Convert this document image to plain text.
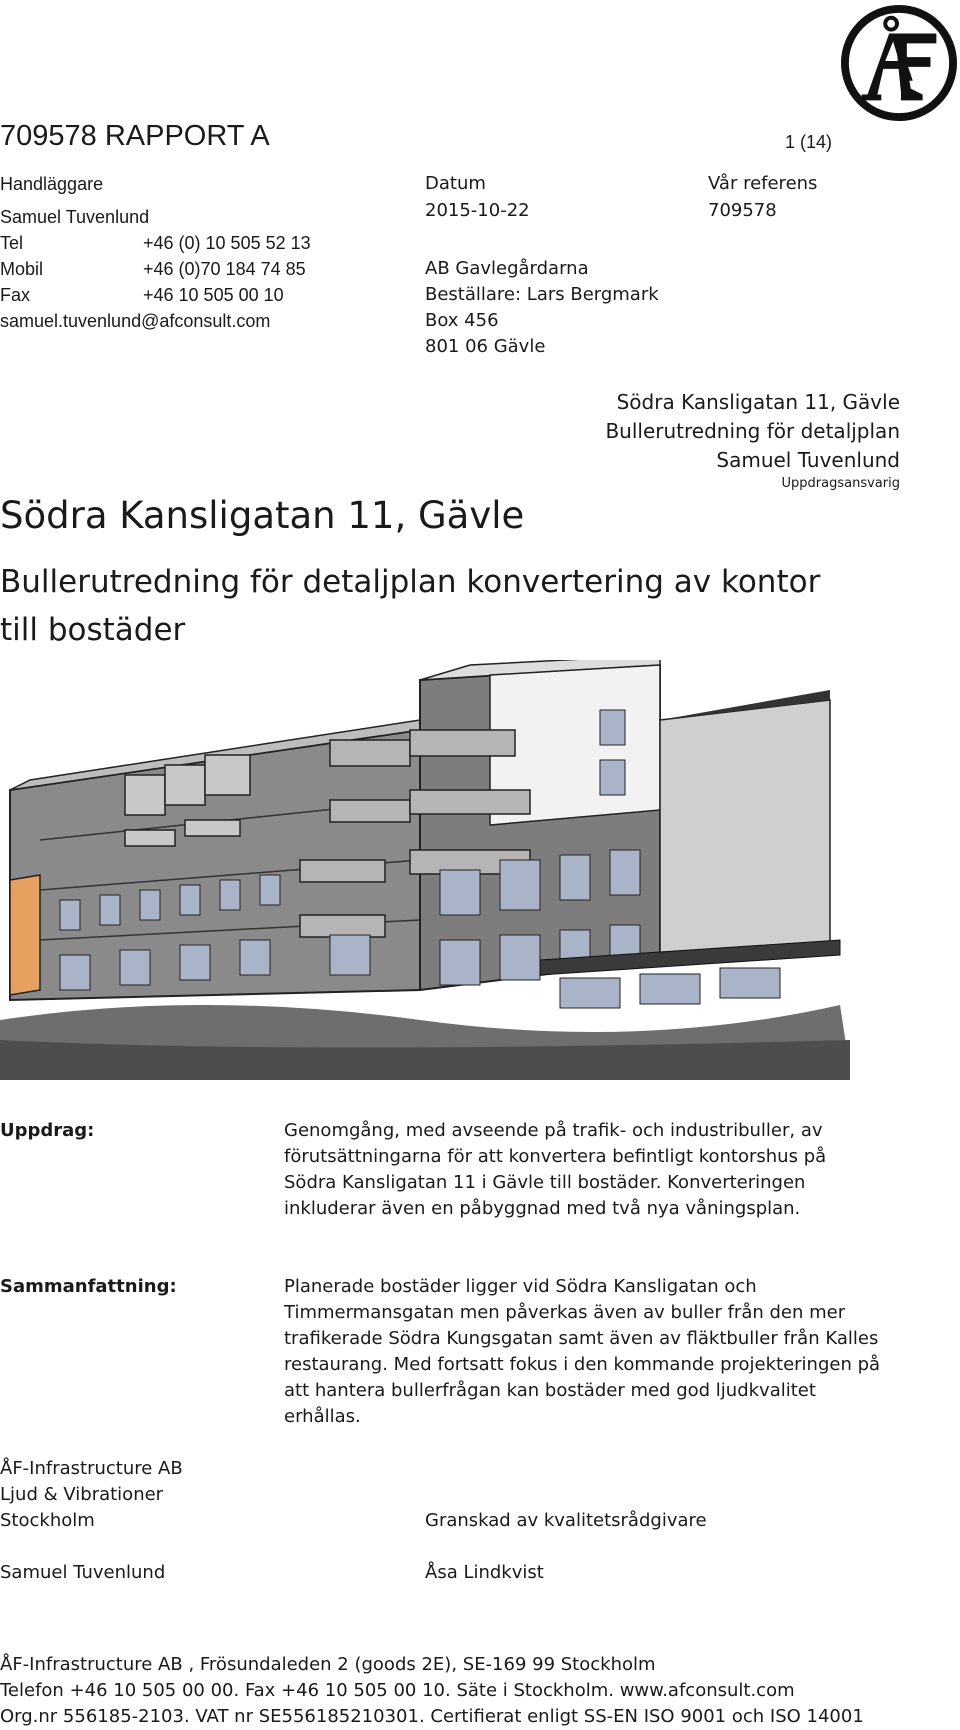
709578 RAPPORT A	1 (14)
Handläggare
Samuel Tuvenlund
Tel	+46 (0) 10 505 52 13
Mobil	+46 (0)70 184 74 85
Fax	+46 10 505 00 10
samuel.tuvenlund@afconsult.com
Datum
2015-10-22
Vår referens
709578
AB Gavlegårdarna
Beställare: Lars Bergmark
Box 456
801 06 Gävle
Södra Kansligatan 11, Gävle
Bullerutredning för detaljplan
Samuel Tuvenlund
Uppdragsansvarig
Södra Kansligatan 11, Gävle
Bullerutredning för detaljplan konvertering av kontor till bostäder
Uppdrag:	Genomgång, med avseende på trafik- och industribuller, av förutsättningarna för att konvertera befintligt kontorshus på Södra Kansligatan 11 i Gävle till bostäder. Konverteringen inkluderar även en påbyggnad med två nya våningsplan.
Sammanfattning:	Planerade bostäder ligger vid Södra Kansligatan och Timmermansgatan men påverkas även av buller från den mer trafikerade Södra Kungsgatan samt även av fläktbuller från Kalles restaurang. Med fortsatt fokus i den kommande projekteringen på att hantera bullerfrågan kan bostäder med god ljudkvalitet erhållas.
ÅF-Infrastructure AB
Ljud & Vibrationer
Stockholm	Granskad av kvalitetsrådgivare
Samuel Tuvenlund	Åsa Lindkvist
ÅF-Infrastructure AB , Frösundaleden 2 (goods 2E), SE-169 99 Stockholm
Telefon +46 10 505 00 00. Fax +46 10 505 00 10. Säte i Stockholm. www.afconsult.com
Org.nr 556185-2103. VAT nr SE556185210301. Certifierat enligt SS-EN ISO 9001 och ISO 14001
